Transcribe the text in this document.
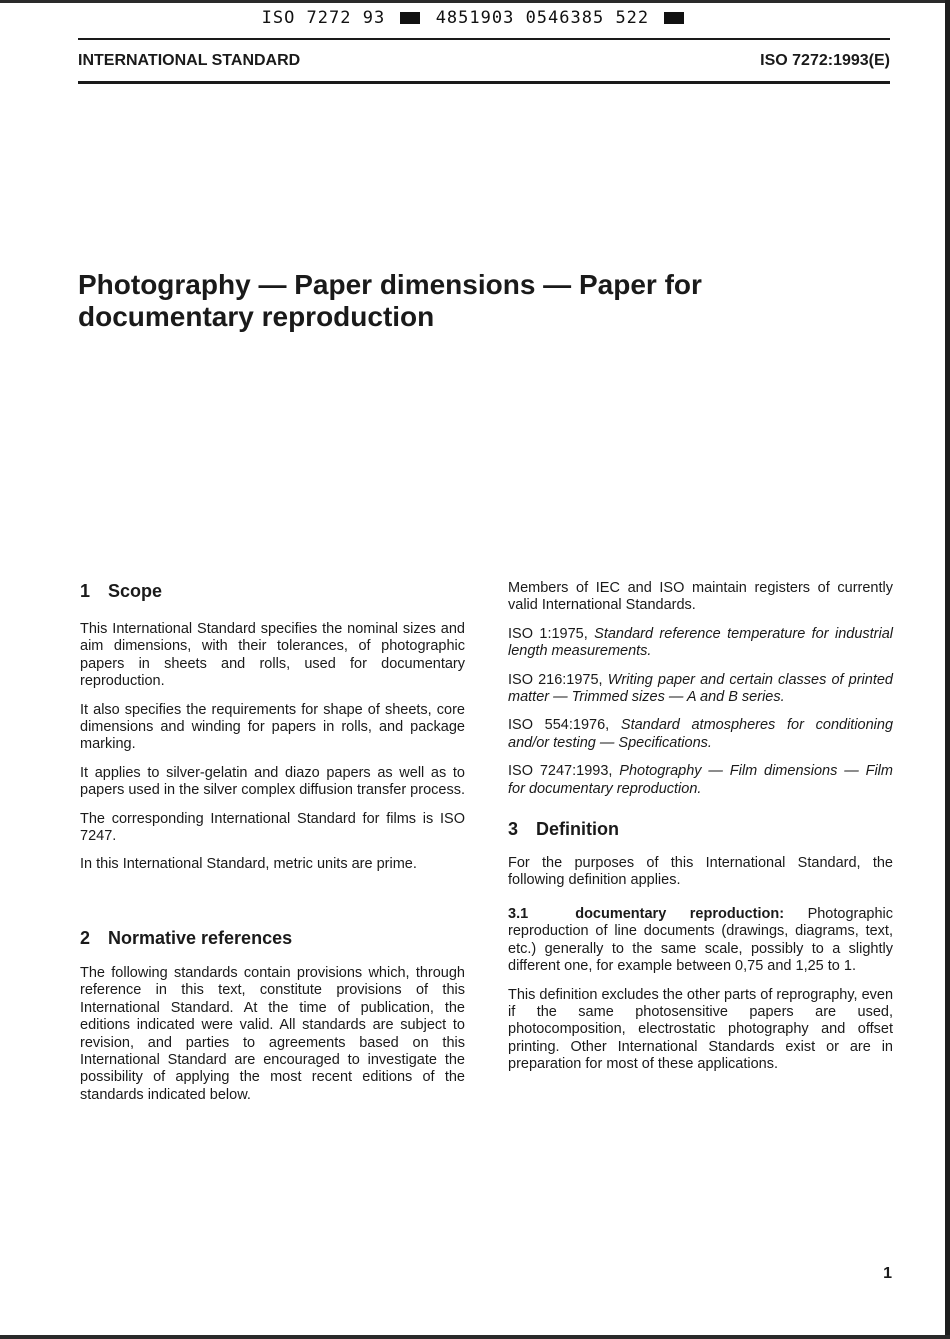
ISO 7272 93	4851903 0546385 522
INTERNATIONAL STANDARD	ISO 7272:1993(E)
Photography — Paper dimensions — Paper for
documentary reproduction
1 Scope

This International Standard specifies the nominal sizes and aim dimensions, with their tolerances, of photographic papers in sheets and rolls, used for documentary reproduction.

It also specifies the requirements for shape of sheets, core dimensions and winding for papers in rolls, and package marking.

It applies to silver-gelatin and diazo papers as well as to papers used in the silver complex diffusion transfer process.

The corresponding International Standard for films is ISO 7247.

In this International Standard, metric units are prime.

2 Normative references

The following standards contain provisions which, through reference in this text, constitute provisions of this International Standard. At the time of publication, the editions indicated were valid. All standards are subject to revision, and parties to agreements based on this International Standard are encouraged to investigate the possibility of applying the most recent editions of the standards indicated below.

Members of IEC and ISO maintain registers of currently valid International Standards.

ISO 1:1975, Standard reference temperature for industrial length measurements.

ISO 216:1975, Writing paper and certain classes of printed matter — Trimmed sizes — A and B series.

ISO 554:1976, Standard atmospheres for conditioning and/or testing — Specifications.

ISO 7247:1993, Photography — Film dimensions — Film for documentary reproduction.

3 Definition

For the purposes of this International Standard, the following definition applies.

3.1	documentary reproduction: Photographic reproduction of line documents (drawings, diagrams, text, etc.) generally to the same scale, possibly to a slightly different one, for example between 0,75 and 1,25 to 1.

This definition excludes the other parts of reprography, even if the same photosensitive papers are used, photocomposition, electrostatic photography and offset printing. Other International Standards exist or are in preparation for most of these applications.

1
